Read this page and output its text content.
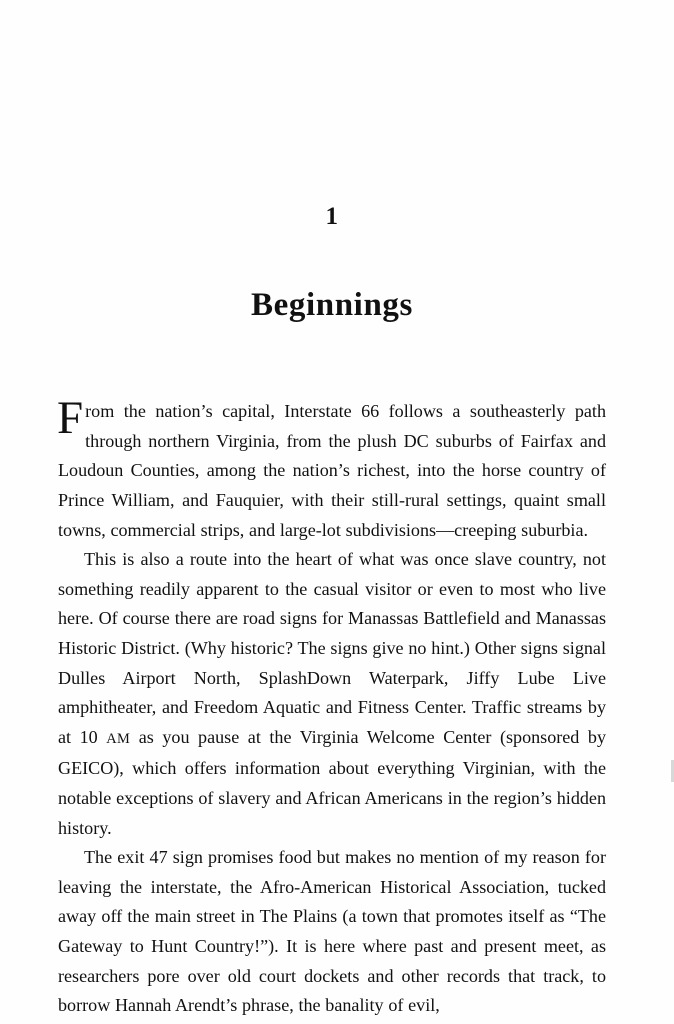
1
Beginnings

From the nation’s capital, Interstate 66 follows a southeasterly path through northern Virginia, from the plush DC suburbs of Fairfax and Loudoun Counties, among the nation’s richest, into the horse country of Prince William, and Fauquier, with their still-rural settings, quaint small towns, commercial strips, and large-lot subdivisions—creeping suburbia.

This is also a route into the heart of what was once slave country, not something readily apparent to the casual visitor or even to most who live here. Of course there are road signs for Manassas Battlefield and Manassas Historic District. (Why historic? The signs give no hint.) Other signs signal Dulles Airport North, SplashDown Waterpark, Jiffy Lube Live amphitheater, and Freedom Aquatic and Fitness Center. Traffic streams by at 10 AM as you pause at the Virginia Welcome Center (sponsored by GEICO), which offers information about everything Virginian, with the notable exceptions of slavery and African Americans in the region’s hidden history.

The exit 47 sign promises food but makes no mention of my reason for leaving the interstate, the Afro-American Historical Association, tucked away off the main street in The Plains (a town that promotes itself as “The Gateway to Hunt Country!”). It is here where past and present meet, as researchers pore over old court dockets and other records that track, to borrow Hannah Arendt’s phrase, the banality of evil,
